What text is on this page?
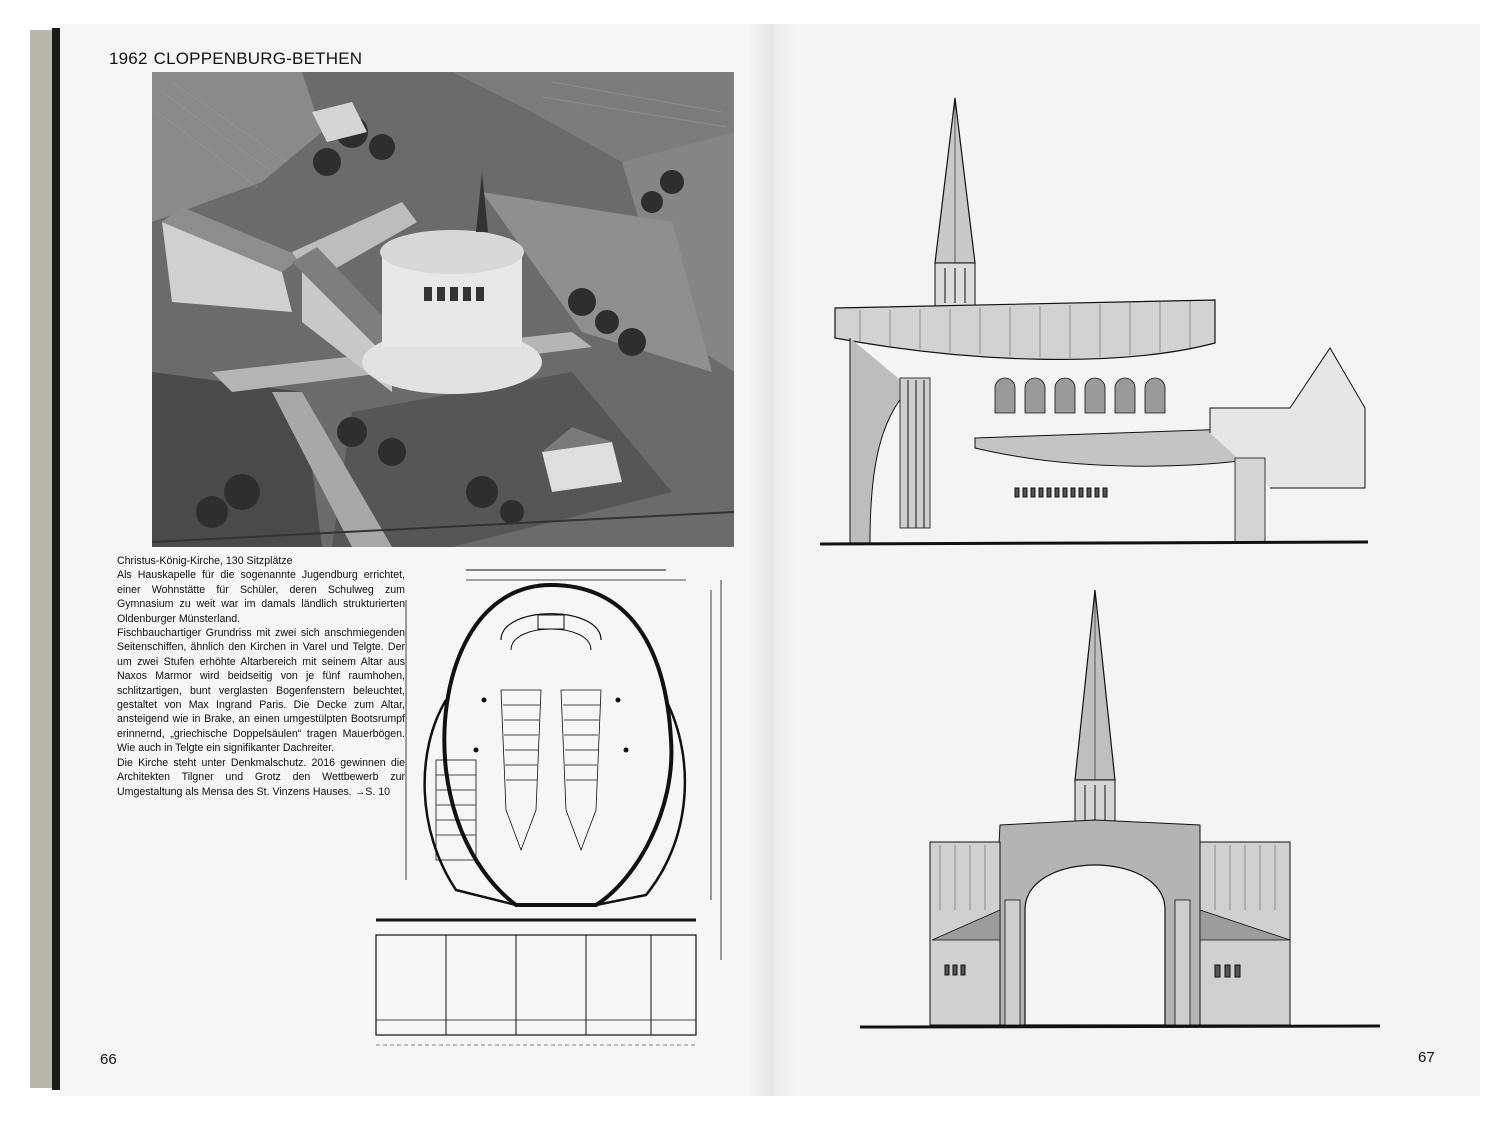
1962 CLOPPENBURG-BETHEN

Christus-König-Kirche, 130 Sitzplätze

Als Hauskapelle für die sogenannte Jugendburg errichtet, einer Wohnstätte für Schüler, deren Schulweg zum Gymnasium zu weit war im damals ländlich strukturierten Oldenburger Münsterland.

Fischbauchartiger Grundriss mit zwei sich anschmiegenden Seitenschiffen, ähnlich den Kirchen in Varel und Telgte. Der um zwei Stufen erhöhte Altarbereich mit seinem Altar aus Naxos Marmor wird beidseitig von je fünf raumhohen, schlitzartigen, bunt verglasten Bogenfenstern beleuchtet, gestaltet von Max Ingrand Paris. Die Decke zum Altar, ansteigend wie in Brake, an einen umgestülpten Bootsrumpf erinnernd, „griechische Doppelsäulen“ tragen Mauerbögen. Wie auch in Telgte ein signifikanter Dachreiter.

Die Kirche steht unter Denkmalschutz. 2016 gewinnen die Architekten Tilgner und Grotz den Wettbewerb zur Umgestaltung als Mensa des St. Vinzens Hauses. →S. 10

66	67
